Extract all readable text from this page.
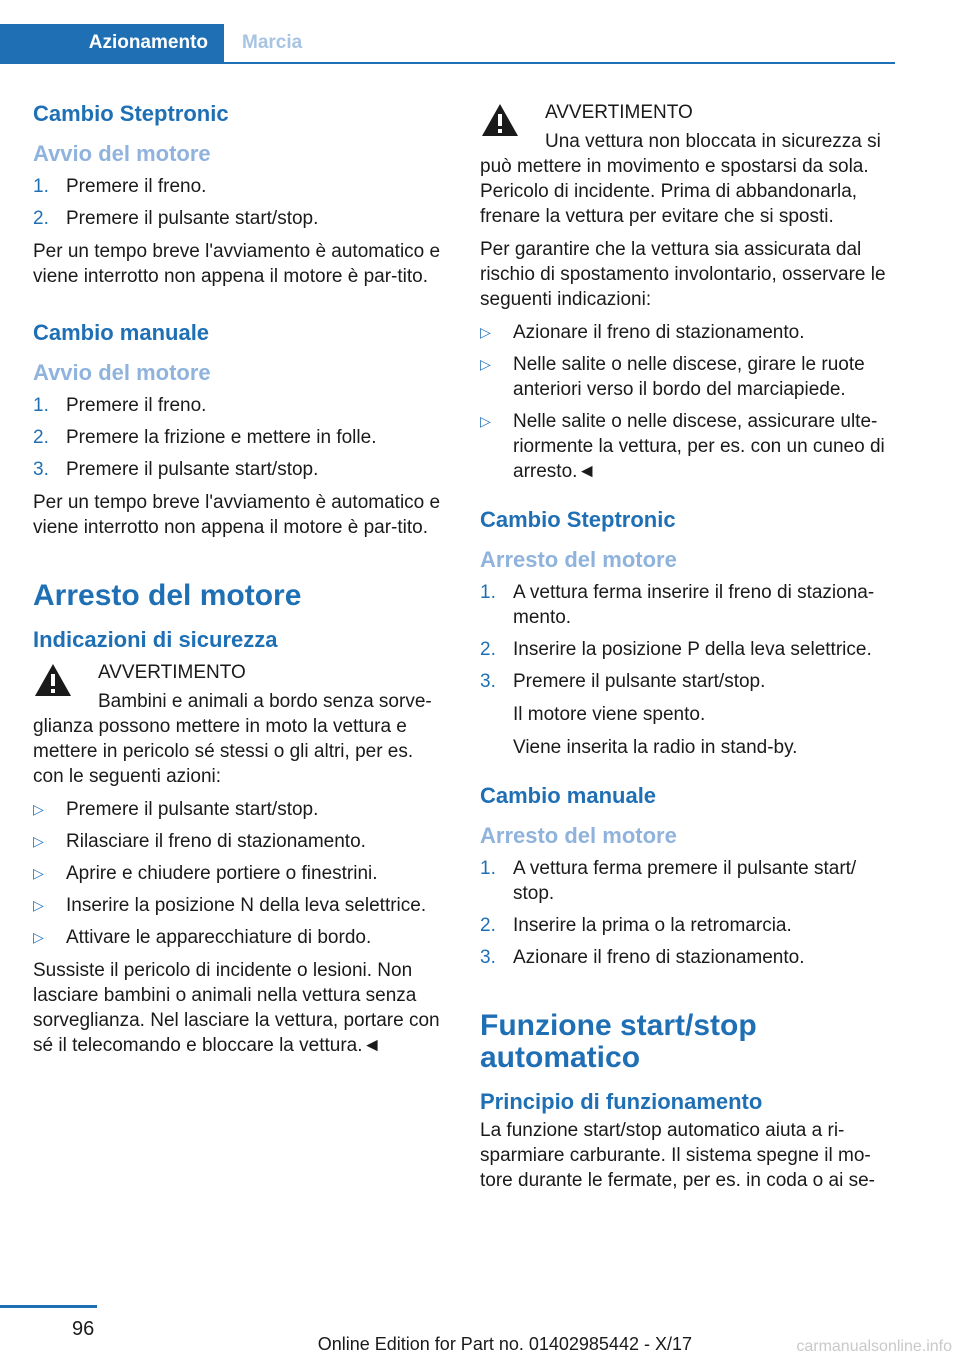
Azionamento	Marcia
Cambio Steptronic
Avvio del motore
1. Premere il freno.
2. Premere il pulsante start/stop.

Per un tempo breve l'avviamento è automatico e viene interrotto non appena il motore è par-tito.

Cambio manuale
Avvio del motore
1. Premere il freno.
2. Premere la frizione e mettere in folle.
3. Premere il pulsante start/stop.

Per un tempo breve l'avviamento è automatico e viene interrotto non appena il motore è par-tito.

Arresto del motore
Indicazioni di sicurezza

AVVERTIMENTO

Bambini e animali a bordo senza sorve-

glianza possono mettere in moto la vettura e mettere in pericolo sé stessi o gli altri, per es. con le seguenti azioni:

▷ Premere il pulsante start/stop.
▷ Rilasciare il freno di stazionamento.
▷ Aprire e chiudere portiere o finestrini.
▷ Inserire la posizione N della leva selettrice.
▷ Attivare le apparecchiature di bordo.

Sussiste il pericolo di incidente o lesioni. Non lasciare bambini o animali nella vettura senza sorveglianza. Nel lasciare la vettura, portare con sé il telecomando e bloccare la vettura.◄

AVVERTIMENTO

Una vettura non bloccata in sicurezza si

può mettere in movimento e spostarsi da sola. Pericolo di incidente. Prima di abbandonarla, frenare la vettura per evitare che si sposti.

Per garantire che la vettura sia assicurata dal rischio di spostamento involontario, osservare le seguenti indicazioni:

▷ Azionare il freno di stazionamento.
▷ Nelle salite o nelle discese, girare le ruote anteriori verso il bordo del marciapiede.
▷ Nelle salite o nelle discese, assicurare ulte-riormente la vettura, per es. con un cuneo di arresto.◄
Cambio Steptronic
Arresto del motore
1. A vettura ferma inserire il freno di staziona-mento.
2. Inserire la posizione P della leva selettrice.
3. Premere il pulsante start/stop.

Il motore viene spento.

Viene inserita la radio in stand-by.

Cambio manuale
Arresto del motore
1. A vettura ferma premere il pulsante start/ stop.
2. Inserire la prima o la retromarcia.
3. Azionare il freno di stazionamento.
Funzione start/stop automatico
Principio di funzionamento

La funzione start/stop automatico aiuta a ri-sparmiare carburante. Il sistema spegne il mo-tore durante le fermate, per es. in coda o ai se-

96
Online Edition for Part no. 01402985442 - X/17	carmanualsonline.info
